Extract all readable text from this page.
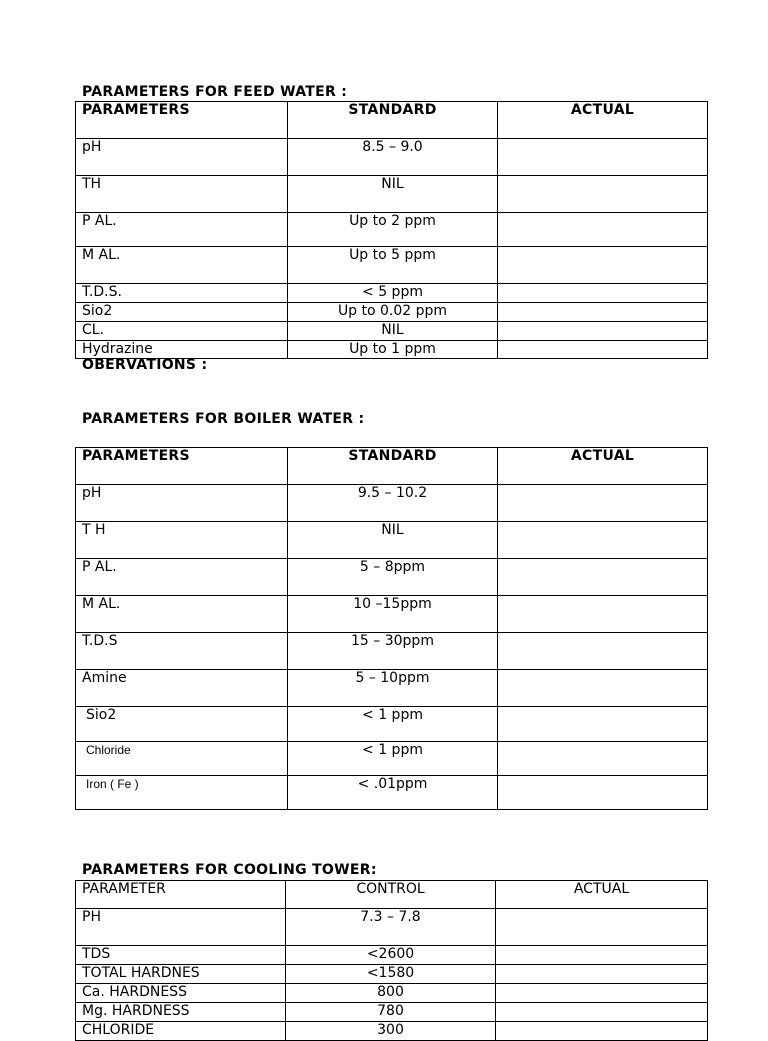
PARAMETERS FOR FEED WATER :
PARAMETERS	STANDARD	ACTUAL
pH	8.5 – 9.0	
TH	NIL	
P AL.	Up to 2 ppm	
M AL.	Up to 5 ppm	
T.D.S.	< 5 ppm	
Sio2	Up to 0.02 ppm	
CL.	NIL	
Hydrazine	Up to 1 ppm	
OBERVATIONS :
PARAMETERS FOR BOILER WATER :
PARAMETERS	STANDARD	ACTUAL
pH	9.5 – 10.2	
T H	NIL	
P AL.	5 – 8ppm	
M AL.	10 –15ppm	
T.D.S	15 – 30ppm	
Amine	5 – 10ppm	
Sio2	< 1 ppm	
Chloride	< 1 ppm	
Iron ( Fe )	< .01ppm	
PARAMETERS FOR COOLING TOWER:
PARAMETER	CONTROL	ACTUAL
PH	7.3 – 7.8	
TDS	<2600	
TOTAL HARDNES	<1580	
Ca. HARDNESS	800	
Mg. HARDNESS	780	
CHLORIDE	300	
